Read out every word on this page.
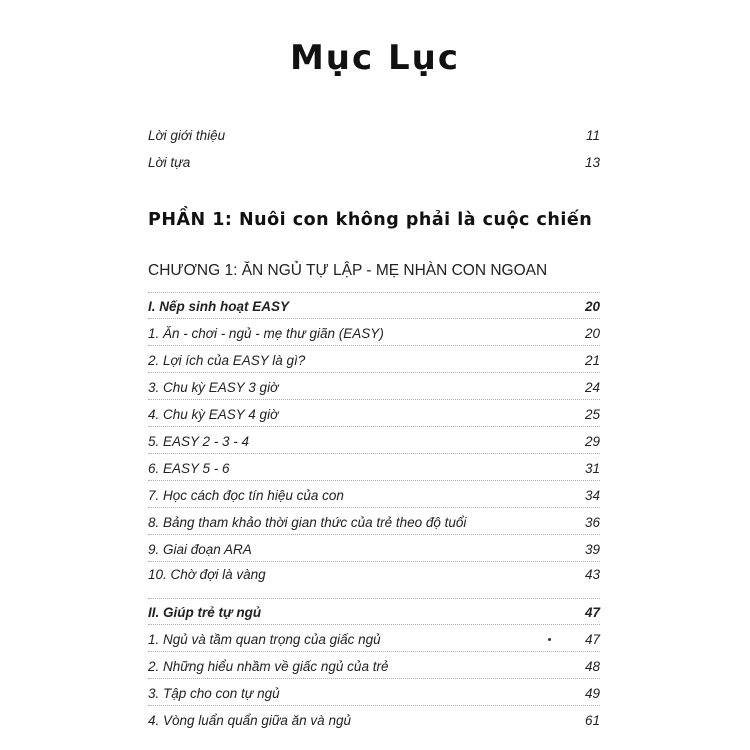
Mục Lục
Lời giới thiệu	11
Lời tựa	13
PHẦN 1: Nuôi con không phải là cuộc chiến
CHƯƠNG 1: ĂN NGỦ TỰ LẬP - MẸ NHÀN CON NGOAN
I. Nếp sinh hoạt EASY	20
1. Ăn - chơi - ngủ - mẹ thư giãn (EASY)	20
2. Lợi ích của EASY là gì?	21
3. Chu kỳ EASY 3 giờ	24
4. Chu kỳ EASY 4 giờ	25
5. EASY 2 - 3 - 4	29
6. EASY 5 - 6	31
7. Học cách đọc tín hiệu của con	34
8. Bảng tham khảo thời gian thức của trẻ theo độ tuổi	36
9. Giai đoạn ARA	39
10. Chờ đợi là vàng	43
II. Giúp trẻ tự ngủ	47
1. Ngủ và tầm quan trọng của giấc ngủ	47
2. Những hiểu nhầm về giấc ngủ của trẻ	48
3. Tập cho con tự ngủ	49
4. Vòng luẩn quẩn giữa ăn và ngủ	61
